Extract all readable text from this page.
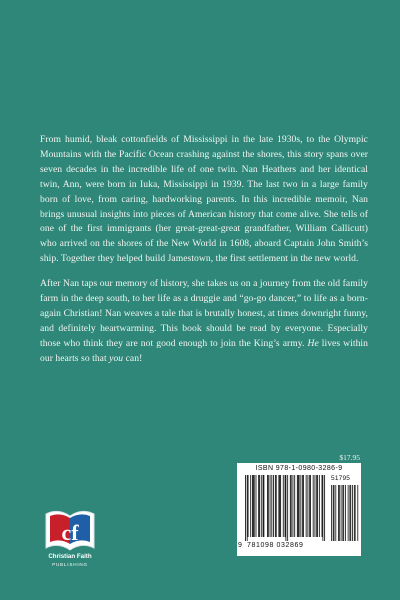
From humid, bleak cottonfields of Mississippi in the late 1930s, to the Olympic Mountains with the Pacific Ocean crashing against the shores, this story spans over seven decades in the incredible life of one twin. Nan Heathers and her identical twin, Ann, were born in Iuka, Mississippi in 1939. The last two in a large family born of love, from caring, hardworking parents. In this incredible memoir, Nan brings unusual insights into pieces of American history that come alive. She tells of one of the first immigrants (her great-great-great grandfather, William Callicutt) who arrived on the shores of the New World in 1608, aboard Captain John Smith’s ship. Together they helped build Jamestown, the first settlement in the new world.

After Nan taps our memory of history, she takes us on a journey from the old family farm in the deep south, to her life as a druggie and “go-go dancer,” to life as a born-again Christian! Nan weaves a tale that is brutally honest, at times downright funny, and definitely heartwarming. This book should be read by everyone. Especially those who think they are not good enough to join the King’s army. He lives within our hearts so that you can!

$17.95
ISBN 978-1-0980-3286-9
51795
9 781098 032869
cf
Christian Faith
PUBLISHING
